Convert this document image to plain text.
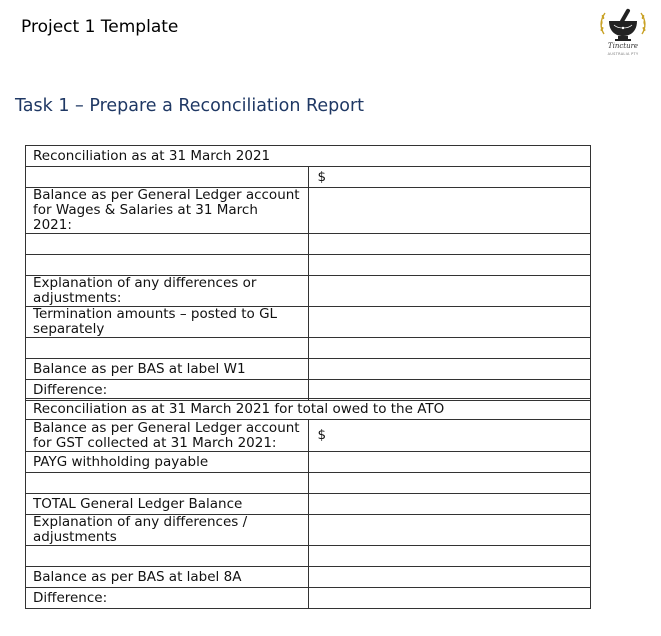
Project 1 Template
Tincture
AUSTRALIA PTY
Task 1 – Prepare a Reconciliation Report
Reconciliation as at 31 March 2021	
	$
Balance as per General Ledger account for Wages & Salaries at 31 March 2021:	

Explanation of any differences or adjustments:	
Termination amounts – posted to GL separately	

Balance as per BAS at label W1	
Difference:	
Reconciliation as at 31 March 2021 for total owed to the ATO	
Balance as per General Ledger account for GST collected at 31 March 2021:	$
PAYG withholding payable	

TOTAL General Ledger Balance	
Explanation of any differences / adjustments	

Balance as per BAS at label 8A	
Difference:	
